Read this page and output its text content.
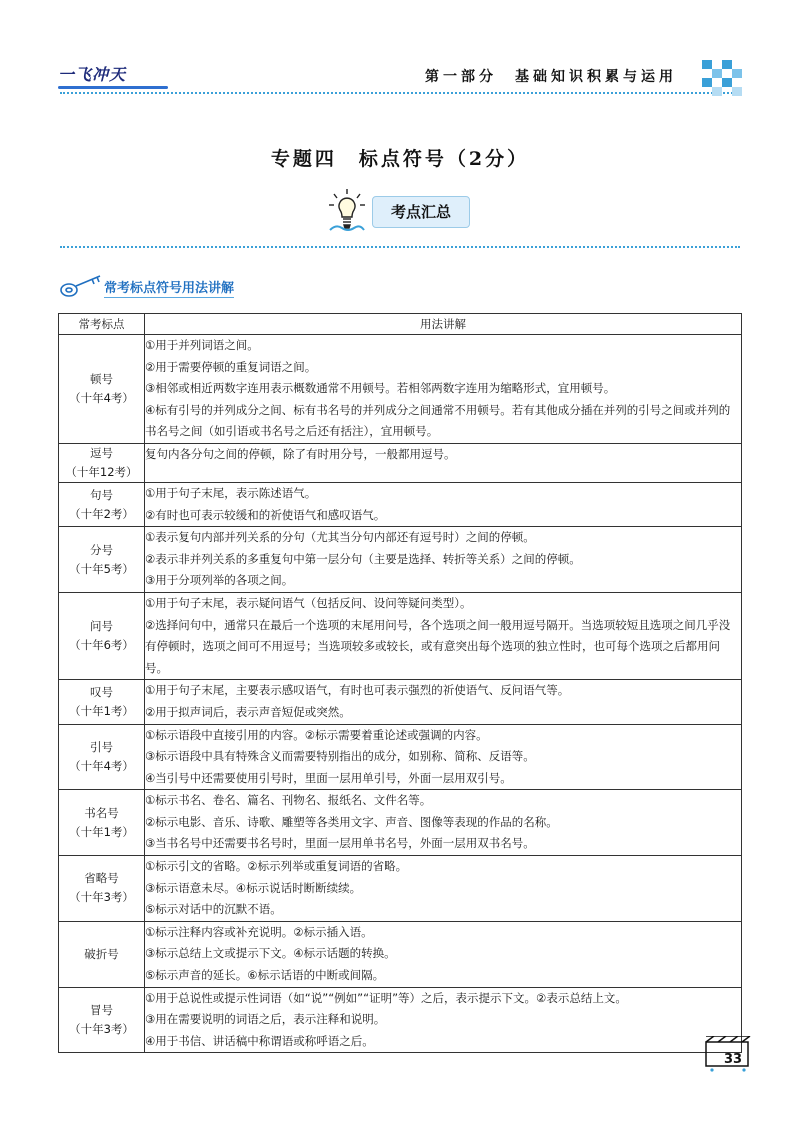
一飞冲天	第一部分　基础知识积累与运用
专题四　标点符号（2分）
考点汇总
常考标点符号用法讲解
常考标点	用法讲解

顿号
（十年4考）	①用于并列词语之间。
②用于需要停顿的重复词语之间。
③相邻或相近两数字连用表示概数通常不用顿号。若相邻两数字连用为缩略形式，宜用顿号。
④标有引号的并列成分之间、标有书名号的并列成分之间通常不用顿号。若有其他成分插在并列的引号之间或并列的书名号之间（如引语或书名号之后还有括注），宜用顿号。

逗号
（十年12考）	复句内各分句之间的停顿，除了有时用分号，一般都用逗号。

句号
（十年2考）	①用于句子末尾，表示陈述语气。
②有时也可表示较缓和的祈使语气和感叹语气。

分号
（十年5考）	①表示复句内部并列关系的分句（尤其当分句内部还有逗号时）之间的停顿。
②表示非并列关系的多重复句中第一层分句（主要是选择、转折等关系）之间的停顿。
③用于分项列举的各项之间。

问号
（十年6考）	①用于句子末尾，表示疑问语气（包括反问、设问等疑问类型）。
②选择问句中，通常只在最后一个选项的末尾用问号，各个选项之间一般用逗号隔开。当选项较短且选项之间几乎没有停顿时，选项之间可不用逗号；当选项较多或较长，或有意突出每个选项的独立性时，也可每个选项之后都用问号。

叹号
（十年1考）	①用于句子末尾，主要表示感叹语气，有时也可表示强烈的祈使语气、反问语气等。
②用于拟声词后，表示声音短促或突然。

引号
（十年4考）	①标示语段中直接引用的内容。②标示需要着重论述或强调的内容。
③标示语段中具有特殊含义而需要特别指出的成分，如别称、简称、反语等。
④当引号中还需要使用引号时，里面一层用单引号，外面一层用双引号。

书名号
（十年1考）	①标示书名、卷名、篇名、刊物名、报纸名、文件名等。
②标示电影、音乐、诗歌、雕塑等各类用文字、声音、图像等表现的作品的名称。
③当书名号中还需要书名号时，里面一层用单书名号，外面一层用双书名号。

省略号
（十年3考）	①标示引文的省略。②标示列举或重复词语的省略。
③标示语意未尽。④标示说话时断断续续。
⑤标示对话中的沉默不语。

破折号	①标示注释内容或补充说明。②标示插入语。
③标示总结上文或提示下文。④标示话题的转换。
⑤标示声音的延长。⑥标示话语的中断或间隔。

冒号
（十年3考）	①用于总说性或提示性词语（如“说”“例如”“证明”等）之后，表示提示下文。②表示总结上文。
③用在需要说明的词语之后，表示注释和说明。
④用于书信、讲话稿中称谓语或称呼语之后。
33
